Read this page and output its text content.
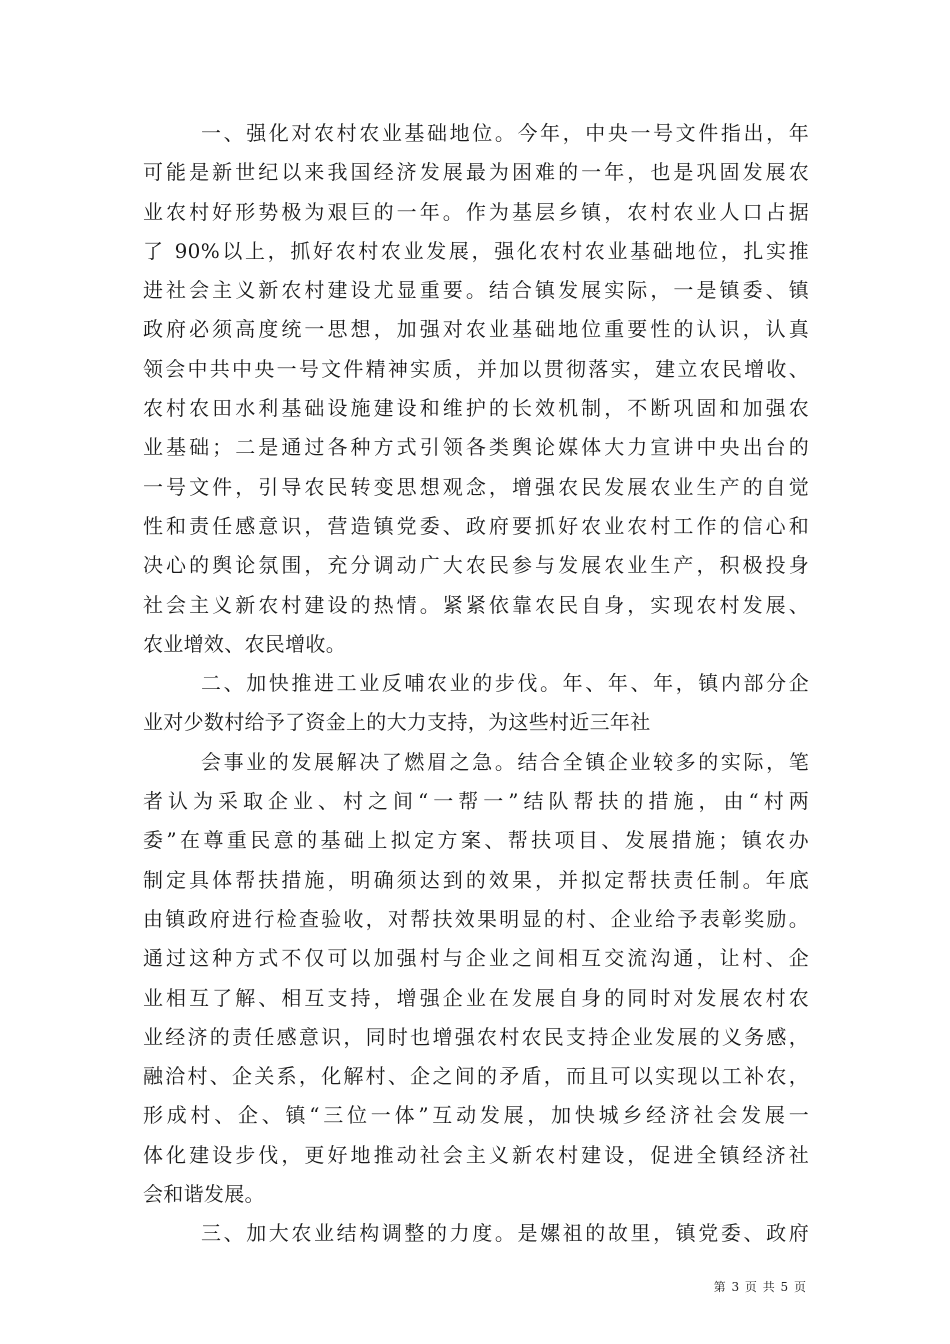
一、强化对农村农业基础地位。今年，中央一号文件指出，年
可能是新世纪以来我国经济发展最为困难的一年，也是巩固发展农
业农村好形势极为艰巨的一年。作为基层乡镇，农村农业人口占据
了 90%以上，抓好农村农业发展，强化农村农业基础地位，扎实推
进社会主义新农村建设尤显重要。结合镇发展实际，一是镇委、镇
政府必须高度统一思想，加强对农业基础地位重要性的认识，认真
领会中共中央一号文件精神实质，并加以贯彻落实，建立农民增收、
农村农田水利基础设施建设和维护的长效机制，不断巩固和加强农
业基础；二是通过各种方式引领各类舆论媒体大力宣讲中央出台的
一号文件，引导农民转变思想观念，增强农民发展农业生产的自觉
性和责任感意识，营造镇党委、政府要抓好农业农村工作的信心和
决心的舆论氛围，充分调动广大农民参与发展农业生产，积极投身
社会主义新农村建设的热情。紧紧依靠农民自身，实现农村发展、
农业增效、农民增收。
二、加快推进工业反哺农业的步伐。年、年、年，镇内部分企
业对少数村给予了资金上的大力支持，为这些村近三年社
会事业的发展解决了燃眉之急。结合全镇企业较多的实际，笔
者认为采取企业、村之间“一帮一”结队帮扶的措施，由“村两
委”在尊重民意的基础上拟定方案、帮扶项目、发展措施；镇农办
制定具体帮扶措施，明确须达到的效果，并拟定帮扶责任制。年底
由镇政府进行检查验收，对帮扶效果明显的村、企业给予表彰奖励。
通过这种方式不仅可以加强村与企业之间相互交流沟通，让村、企
业相互了解、相互支持，增强企业在发展自身的同时对发展农村农
业经济的责任感意识，同时也增强农村农民支持企业发展的义务感，
融洽村、企关系，化解村、企之间的矛盾，而且可以实现以工补农，
形成村、企、镇“三位一体”互动发展，加快城乡经济社会发展一
体化建设步伐，更好地推动社会主义新农村建设，促进全镇经济社
会和谐发展。
三、加大农业结构调整的力度。是嫘祖的故里，镇党委、政府
第 3 页 共 5 页
